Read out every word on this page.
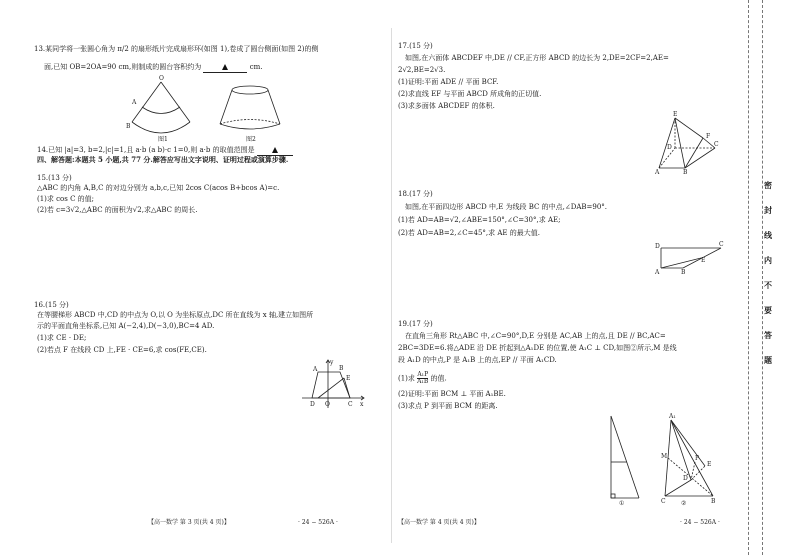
13.某同学将一张圆心角为 π/2 的扇形纸片完成扇形环(如图 1),卷成了圆台侧面(如图 2)的侧
面,已知 OB=2OA=90 cm,则制成的圆台容积约为	cm.
O
A
B
图1	图2
14.已知 |a|=3, b=2,|c|=1,且 a·b (a b)·c 1=0,则 a·b 的取值范围是
四、解答题:本题共 5 小题,共 77 分.解答应写出文字说明、证明过程或演算步骤.
15.(13 分)
△ABC 的内角 A,B,C 的对边分别为 a,b,c,已知 2cos C(acos B+bcos A)=c.
(1)求 cos C 的值;
(2)若 c=3√2,△ABC 的面积为√2,求△ABC 的周长.
16.(15 分)
在等腰梯形 ABCD 中,CD 的中点为 O,以 O 为坐标原点,DC 所在直线为 x 轴,建立如图所
示的平面直角坐标系,已知 A(−2,4),D(−3,0),BC=4 AD.
(1)求 CE · DE;
(2)若点 F 在线段 CD 上,FE · CE=6,求 cos(FE,CE).
y
A	B
E
D O	C x
【高一数学 第 3 页(共 4 页)】	· 24 − 526A ·
17.(15 分)
如图,在六面体 ABCDEF 中,DE // CF,正方形 ABCD 的边长为 2,DE=2CF=2,AE=
2√2,BE=2√3.
(1)证明:平面 ADE // 平面 BCF.
(2)求直线 EF 与平面 ABCD 所成角的正切值.
(3)求多面体 ABCDEF 的体积.
E
F
D	C
A	B
18.(17 分)
如图,在平面四边形 ABCD 中,E 为线段 BC 的中点,∠DAB=90°.
(1)若 AD=AB=√2,∠ABE=150°,∠C=30°,求 AE;
(2)若 AD=AB=2,∠C=45°,求 AE 的最大值.
D	C
E
A	B
19.(17 分)
在直角三角形 Rt△ABC 中,∠C=90°,D,E 分别是 AC,AB 上的点,且 DE // BC,AC=
2BC=3DE=6.将△ADE 沿 DE 折起到△A₁DE 的位置,使 A₁C ⊥ CD,如图②所示,M 是线
段 A₁D 的中点,P 是 A₁B 上的点,EP // 平面 A₁CD.
(1)求 $\frac{\text{A₁P}}{\text{A₁B}}$ 的值.
(2)证明:平面 BCM ⊥ 平面 A₁BE.
(3)求点 P 到平面 BCM 的距离.
①
A₁
M	P
D
E
C	B
②
【高一数学 第 4 页(共 4 页)】	· 24 − 526A ·
密
封
线
内
不
要
答
题
